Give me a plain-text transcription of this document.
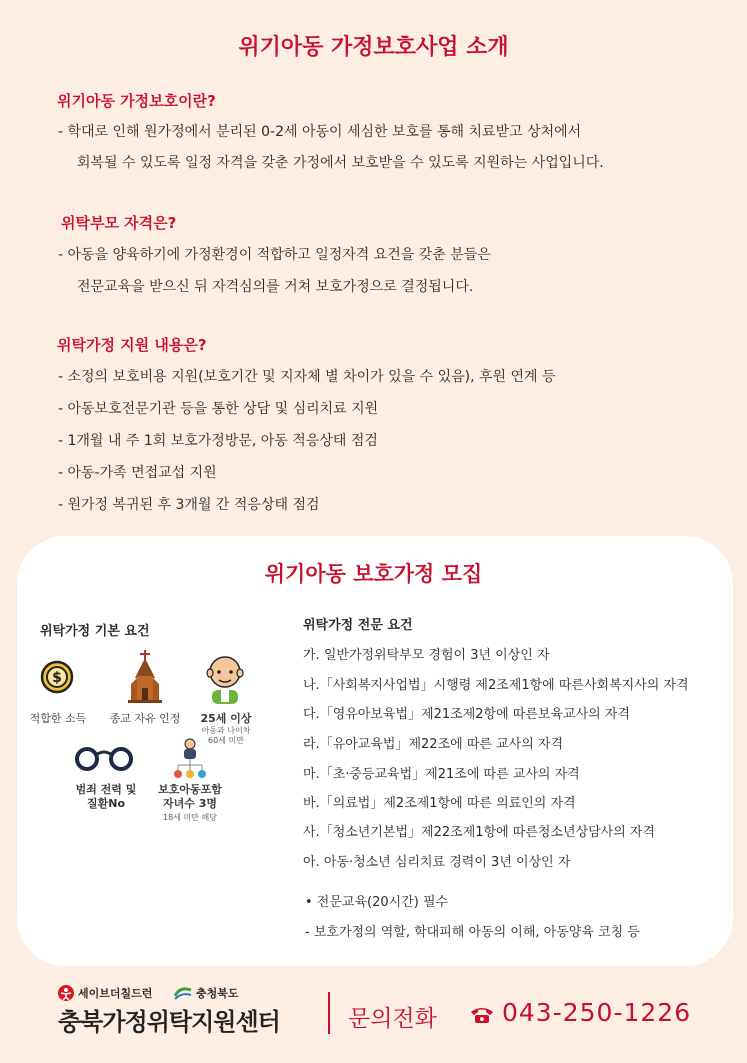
위기아동 가정보호사업 소개
위기아동 가정보호이란?
- 학대로 인해 원가정에서 분리된 0-2세 아동이 세심한 보호를 통해 치료받고 상처에서
회복될 수 있도록 일정 자격을 갖춘 가정에서 보호받을 수 있도록 지원하는 사업입니다.
위탁부모 자격은?
- 아동을 양육하기에 가정환경이 적합하고 일정자격 요건을 갖춘 분들은
전문교육을 받으신 뒤 자격심의를 거쳐 보호가정으로 결정됩니다.
위탁가정 지원 내용은?
- 소정의 보호비용 지원(보호기간 및 지자체 별 차이가 있을 수 있음), 후원 연계 등
- 아동보호전문기관 등을 통한 상담 및 심리치료 지원
- 1개월 내 주 1회 보호가정방문, 아동 적응상태 점검
- 아동-가족 면접교섭 지원
- 원가정 복귀된 후 3개월 간 적응상태 점검
위기아동 보호가정 모집
위탁가정 기본 요건
$
적합한 소득	종교 자유 인정	25세 이상
아동과 나이차
60세 미만
범죄 전력 및
질환No
보호아동포함
자녀수 3명
18세 미만 해당
위탁가정 전문 요건
가. 일반가정위탁부모 경험이 3년 이상인 자
나.「사회복지사업법」시행령 제2조제1항에 따른사회복지사의 자격
다.「영유아보육법」제21조제2항에 따른보육교사의 자격
라.「유아교육법」제22조에 따른 교사의 자격
마.「초·중등교육법」제21조에 따른 교사의 자격
바.「의료법」제2조제1항에 따른 의료인의 자격
사.「청소년기본법」제22조제1항에 따른청소년상담사의 자격
아. 아동·청소년 심리치료 경력이 3년 이상인 자
• 전문교육(20시간) 필수
- 보호가정의 역할, 학대피해 아동의 이해, 아동양육 코칭 등
세이브더칠드런	충청북도
충북가정위탁지원센터	문의전화	043-250-1226
